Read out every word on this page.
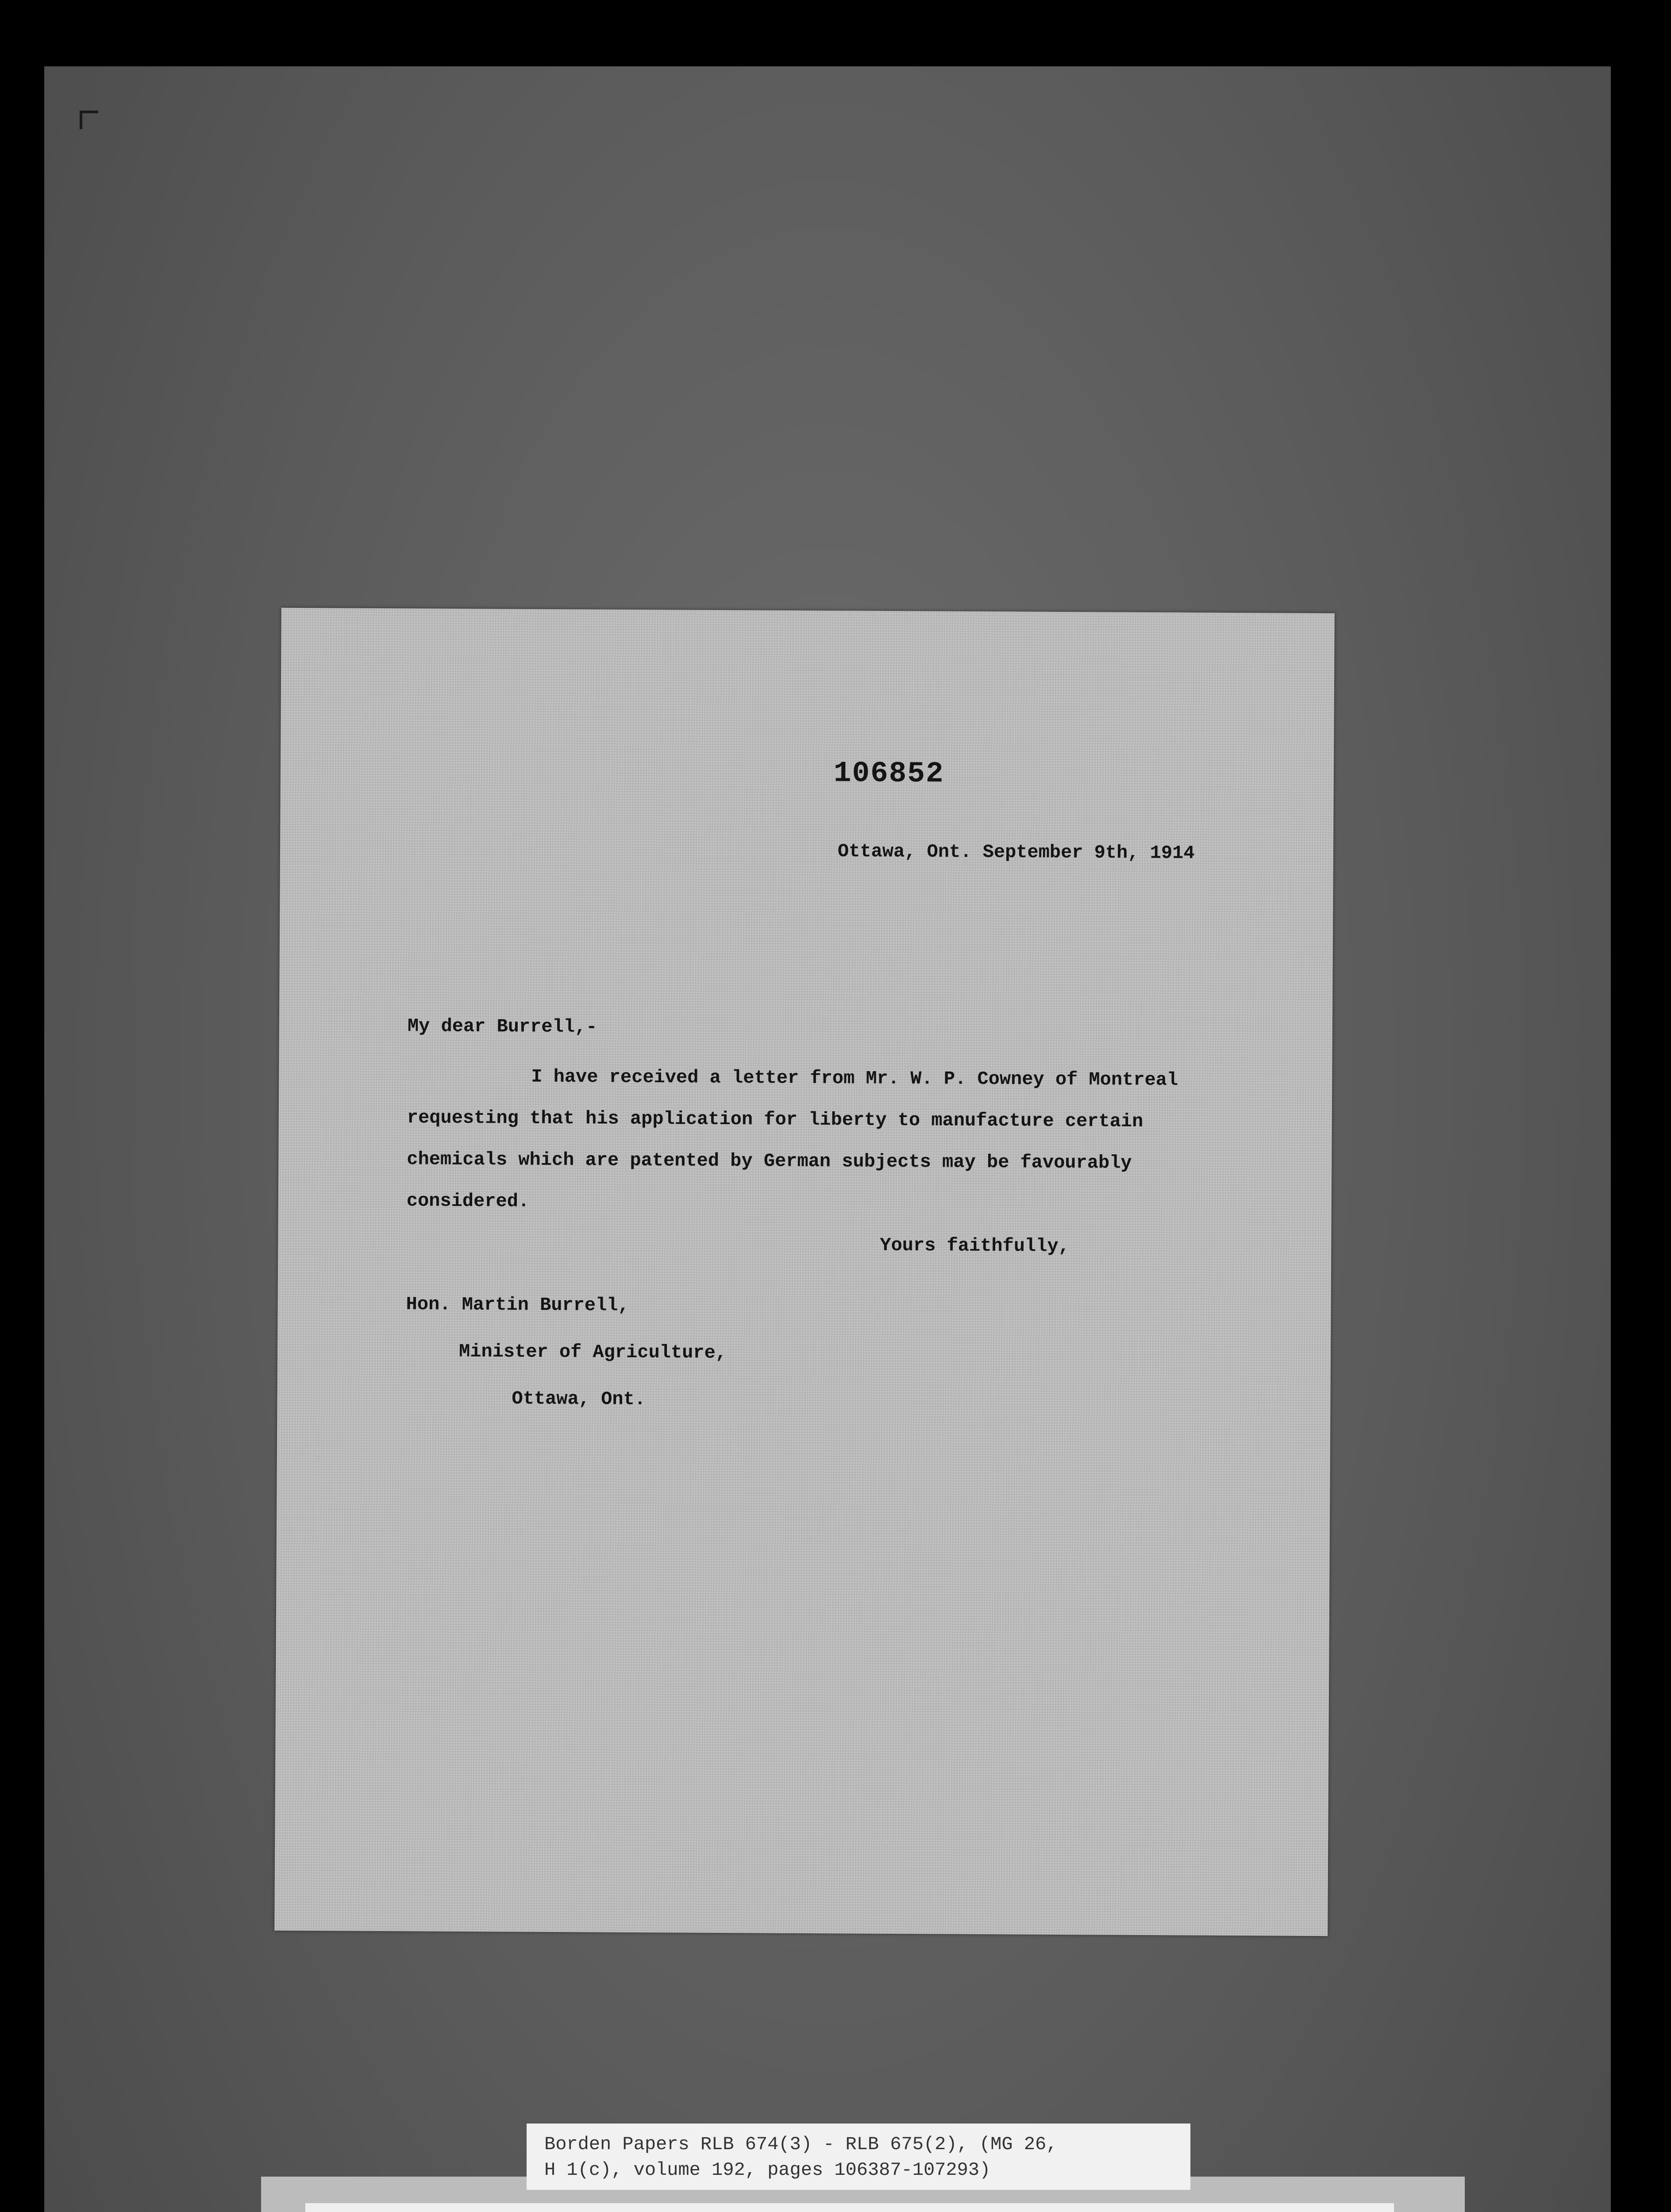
106852
Ottawa, Ont. September 9th, 1914
My dear Burrell,-
I have received a letter from Mr. W. P. Cowney of Montreal
requesting that his application for liberty to manufacture certain
chemicals which are patented by German subjects may be favourably
considered.
Yours faithfully,
Hon. Martin Burrell,
Minister of Agriculture,
Ottawa, Ont.
Borden Papers RLB 674(3) - RLB 675(2), (MG 26,
H 1(c), volume 192, pages 106387-107293)
